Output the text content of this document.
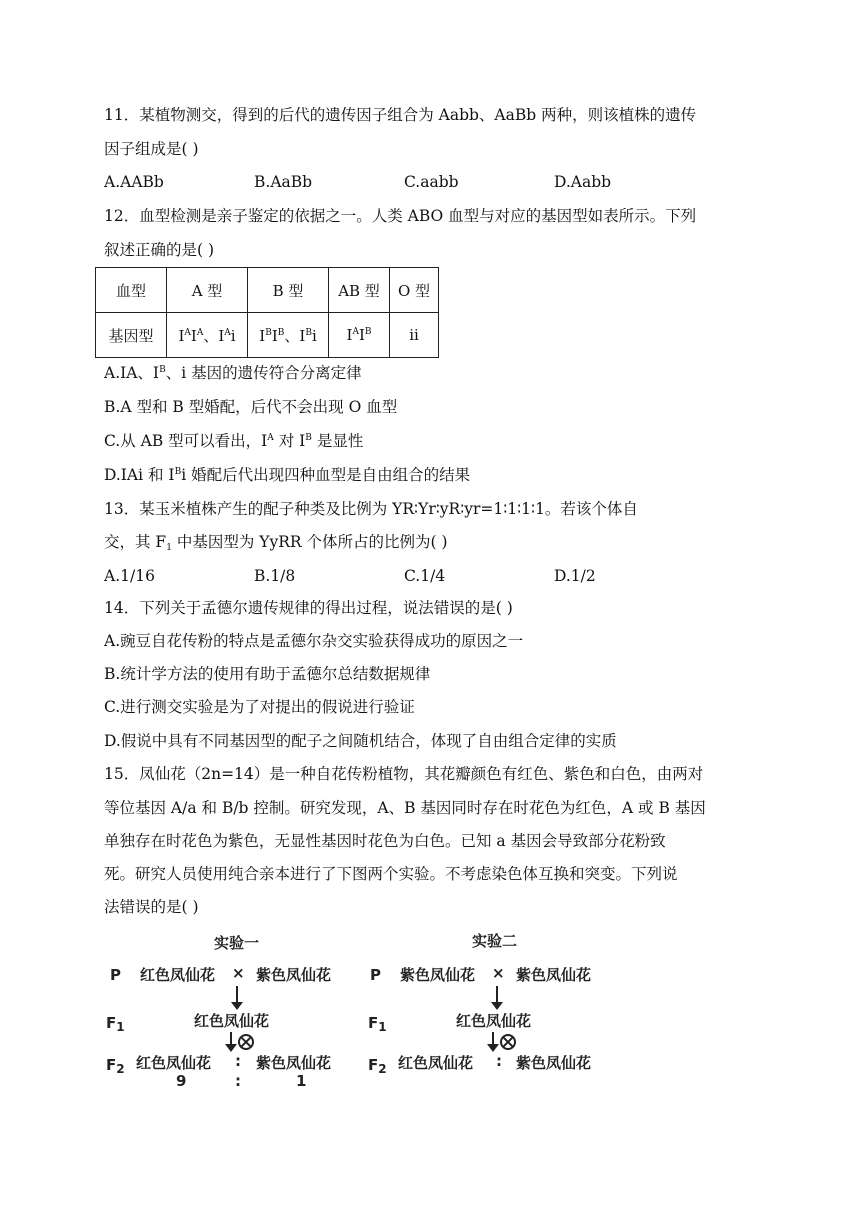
11．某植物测交，得到的后代的遗传因子组合为 Aabb、AaBb 两种，则该植株的遗传
因子组成是( )
A.AABb	B.AaBb	C.aabb	D.Aabb
12．血型检测是亲子鉴定的依据之一。人类 ABO 血型与对应的基因型如表所示。下列
叙述正确的是( )
血型	A 型	B 型	AB 型	O 型
基因型	$I^AI^A$、$I^Ai$	$I^BI^B$、$I^Bi$	$I^AI^B$	ii
A.IA、$I^B$、i 基因的遗传符合分离定律
B.A 型和 B 型婚配，后代不会出现 O 血型
C.从 AB 型可以看出，$I^A$ 对 $I^B$ 是显性
D.IAi 和 $I^Bi$ 婚配后代出现四种血型是自由组合的结果
13．某玉米植株产生的配子种类及比例为 YR∶Yr∶yR∶yr=1∶1∶1∶1。若该个体自
交，其 $F_1$ 中基因型为 YyRR 个体所占的比例为( )
A.1/16	B.1/8	C.1/4	D.1/2
14．下列关于孟德尔遗传规律的得出过程，说法错误的是( )
A.豌豆自花传粉的特点是孟德尔杂交实验获得成功的原因之一
B.统计学方法的使用有助于孟德尔总结数据规律
C.进行测交实验是为了对提出的假说进行验证
D.假说中具有不同基因型的配子之间随机结合，体现了自由组合定律的实质
15．凤仙花（2n=14）是一种自花传粉植物，其花瓣颜色有红色、紫色和白色，由两对
等位基因 A/a 和 B/b 控制。研究发现，A、B 基因同时存在时花色为红色，A 或 B 基因
单独存在时花色为紫色，无显性基因时花色为白色。已知 a 基因会导致部分花粉致
死。研究人员使用纯合亲本进行了下图两个实验。不考虑染色体互换和突变。下列说
法错误的是( )
实验一
P 红色凤仙花 × 紫色凤仙花
$F_1$	红色凤仙花
$F_2$ 红色凤仙花 : 紫色凤仙花
9	:	1
实验二
P 紫色凤仙花 × 紫色凤仙花
$F_1$	红色凤仙花
$F_2$ 红色凤仙花 : 紫色凤仙花
